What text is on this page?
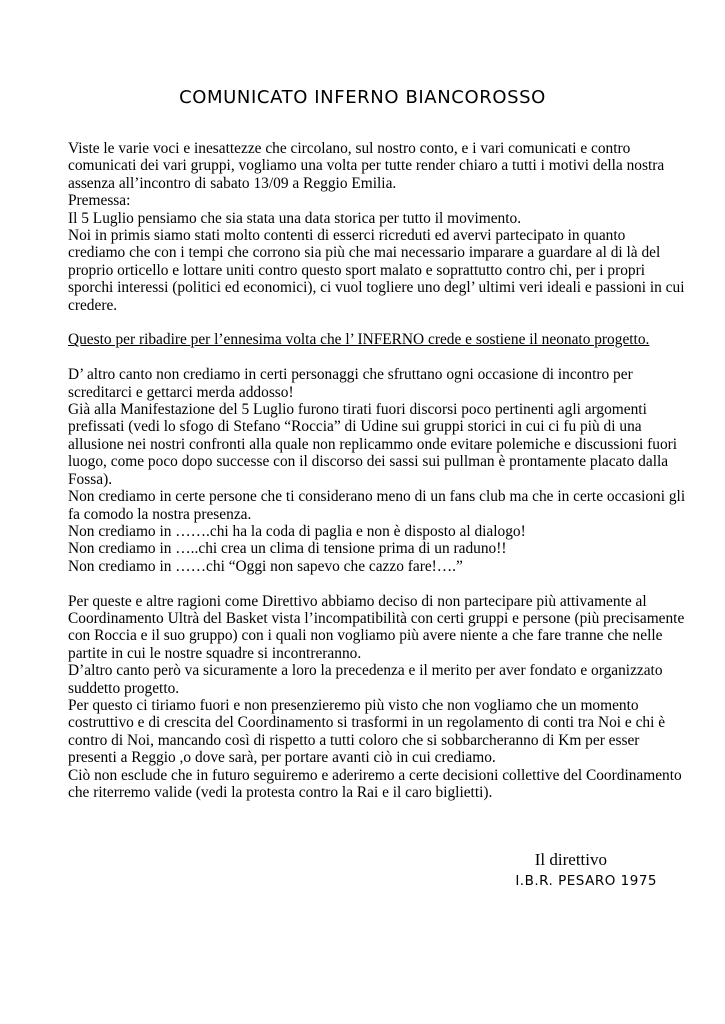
COMUNICATO INFERNO BIANCOROSSO
Viste le varie voci e inesattezze che circolano, sul nostro conto, e i vari comunicati e contro
comunicati dei vari gruppi, vogliamo una volta per tutte render chiaro a tutti i motivi della nostra
assenza all’incontro di sabato 13/09 a Reggio Emilia.
Premessa:
Il 5 Luglio pensiamo che sia stata una data storica per tutto il movimento.
Noi in primis siamo stati molto contenti di esserci ricreduti ed avervi partecipato in quanto
crediamo che con i tempi che corrono sia più che mai necessario imparare a guardare al di là del
proprio orticello e lottare uniti contro questo sport malato e soprattutto contro chi, per i propri
sporchi interessi (politici ed economici), ci vuol togliere uno degl’ ultimi veri ideali e passioni in cui
credere.
Questo per ribadire per l’ennesima volta che l’ INFERNO crede e sostiene il neonato progetto.
D’ altro canto non crediamo in certi personaggi che sfruttano ogni occasione di incontro per
screditarci e gettarci merda addosso!
Già alla Manifestazione del 5 Luglio furono tirati fuori discorsi poco pertinenti agli argomenti
prefissati (vedi lo sfogo di Stefano “Roccia” di Udine sui gruppi storici in cui ci fu più di una
allusione nei nostri confronti alla quale non replicammo onde evitare polemiche e discussioni fuori
luogo, come poco dopo successe con il discorso dei sassi sui pullman è prontamente placato dalla
Fossa).
Non crediamo in certe persone che ti considerano meno di un fans club ma che in certe occasioni gli
fa comodo la nostra presenza.
Non crediamo in …….chi ha la coda di paglia e non è disposto al dialogo!
Non crediamo in …..chi crea un clima di tensione prima di un raduno!!
Non crediamo in ……chi “Oggi non sapevo che cazzo fare!….”
Per queste e altre ragioni come Direttivo abbiamo deciso di non partecipare più attivamente al
Coordinamento Ultrà del Basket vista l’incompatibilità con certi gruppi e persone (più precisamente
con Roccia e il suo gruppo) con i quali non vogliamo più avere niente a che fare tranne che nelle
partite in cui le nostre squadre si incontreranno.
D’altro canto però va sicuramente a loro la precedenza e il merito per aver fondato e organizzato
suddetto progetto.
Per questo ci tiriamo fuori e non presenzieremo più visto che non vogliamo che un momento
costruttivo e di crescita del Coordinamento si trasformi in un regolamento di conti tra Noi e chi è
contro di Noi, mancando così di rispetto a tutti coloro che si sobbarcheranno di Km per esser
presenti a Reggio ,o dove sarà, per portare avanti ciò in cui crediamo.
Ciò non esclude che in futuro seguiremo e aderiremo a certe decisioni collettive del Coordinamento
che riterremo valide (vedi la protesta contro la Rai e il caro biglietti).
Il direttivo
I.B.R. PESARO 1975
